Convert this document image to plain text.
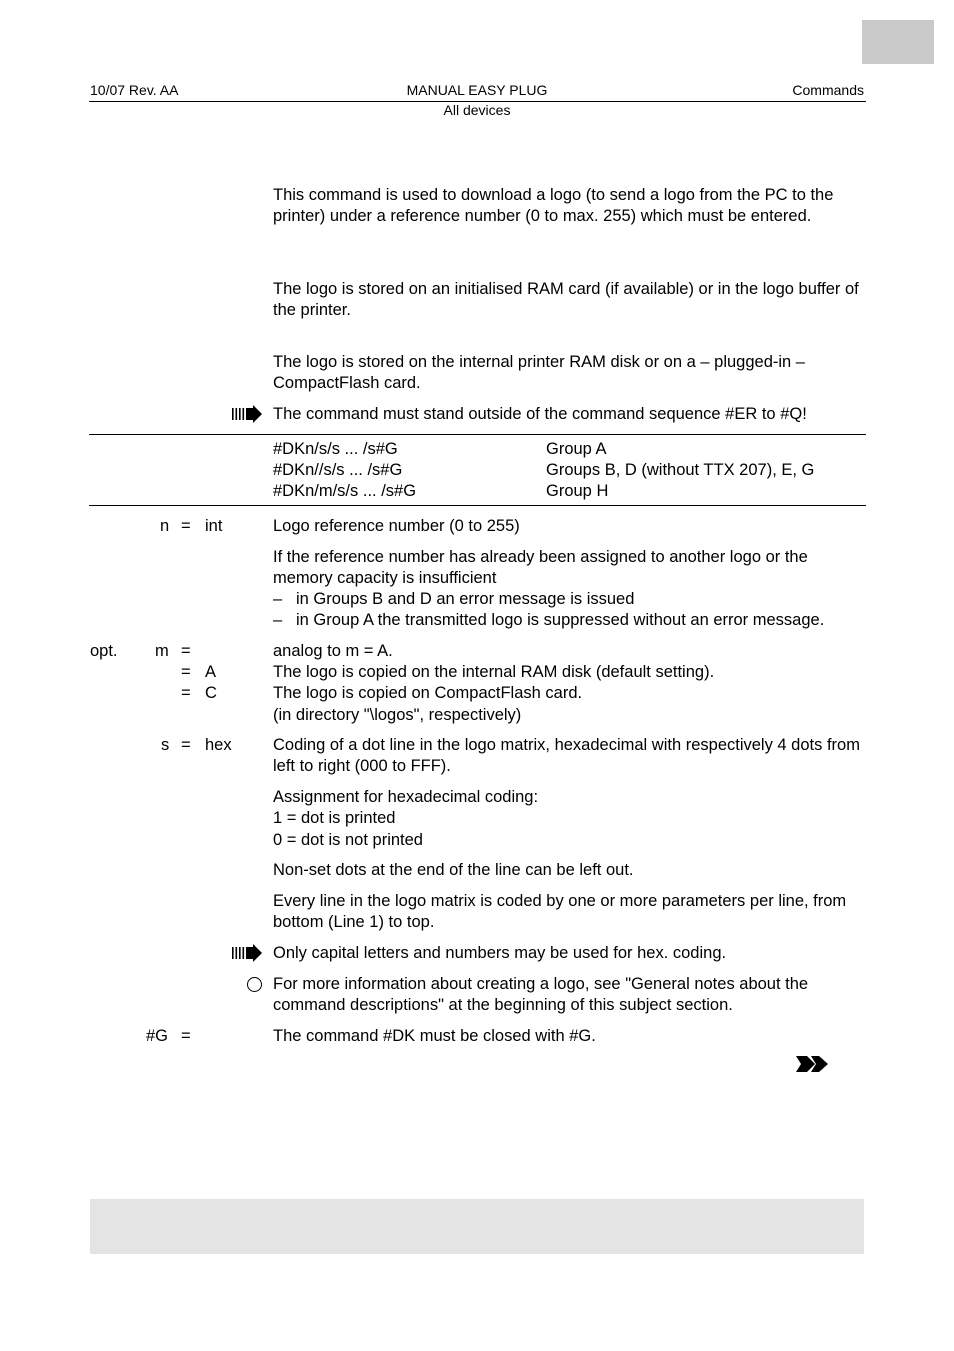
10/07 Rev. AA	MANUAL EASY PLUG	Commands
All devices
This command is used to download a logo (to send a logo from the PC to the printer) under a reference number (0 to max. 255) which must be entered.
The logo is stored on an initialised RAM card (if available) or in the logo buffer of the printer.
The logo is stored on the internal printer RAM disk or on a – plugged-in – CompactFlash card.
The command must stand outside of the command sequence #ER to #Q!
#DKn/s/s ... /s#G	Group A
#DKn//s/s ... /s#G	Groups B, D (without TTX 207), E, G
#DKn/m/s/s ... /s#G	Group H
n = int	Logo reference number (0 to 255)
If the reference number has already been assigned to another logo or the memory capacity is insufficient
– in Groups B and D an error message is issued
– in Group A the transmitted logo is suppressed without an error message.
opt. m =	analog to m = A.
= A	The logo is copied on the internal RAM disk (default setting).
= C	The logo is copied on CompactFlash card.
(in directory "\logos", respectively)
s = hex	Coding of a dot line in the logo matrix, hexadecimal with respectively 4 dots from left to right (000 to FFF).
Assignment for hexadecimal coding:
1 = dot is printed
0 = dot is not printed
Non-set dots at the end of the line can be left out.
Every line in the logo matrix is coded by one or more parameters per line, from bottom (Line 1) to top.
Only capital letters and numbers may be used for hex. coding.
For more information about creating a logo, see "General notes about the command descriptions" at the beginning of this subject section.
#G =	The command #DK must be closed with #G.
